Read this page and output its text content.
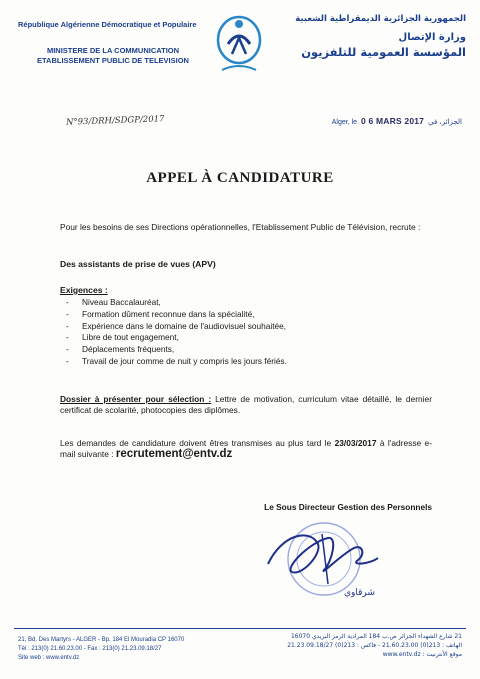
République Algérienne Démocratique et Populaire
MINISTERE DE LA COMMUNICATION
ETABLISSEMENT PUBLIC DE TELEVISION
الجمهورية الجزائرية الديمقراطية الشعبية
وزارة الإتصال
المؤسسة العمومية للتلفزيون
N°93/DRH/SDGP/2017	Alger, le 0 6 MARS 2017 الجزائر، في
APPEL À CANDIDATURE
Pour les besoins de ses Directions opérationnelles, l'Etablissement Public de Télévision, recrute :
Des assistants de prise de vues (APV)
Exigences :
- Niveau Baccalauréat,
- Formation dûment reconnue dans la spécialité,
- Expérience dans le domaine de l'audiovisuel souhaitée,
- Libre de tout engagement,
- Déplacements fréquents,
- Travail de jour comme de nuit y compris les jours fériés.
Dossier à présenter pour sélection : Lettre de motivation, curriculum vitae détaillé, le dernier certificat de scolarité, photocopies des diplômes.
Les demandes de candidature doivent êtres transmises au plus tard le 23/03/2017 à l'adresse e-mail suivante : recrutement@entv.dz
Le Sous Directeur Gestion des Personnels
شرقاوي
21, Bd. Des Martyrs - ALGER - Bp. 184 El Mouradia CP 16070
Tél : 213(0) 21.60.23.00 - Fax : 213(0) 21.23.09.18/27
Site web : www.entv.dz
21 شارع الشهداء الجزائر ص.ب 184 المرادية الرمز البريدي 16070
الهاتف : 213(0) 21.60.23.00 - فاكس : 213(0) 21.23.09.18/27
موقع الأنترنيت : www.entv.dz
